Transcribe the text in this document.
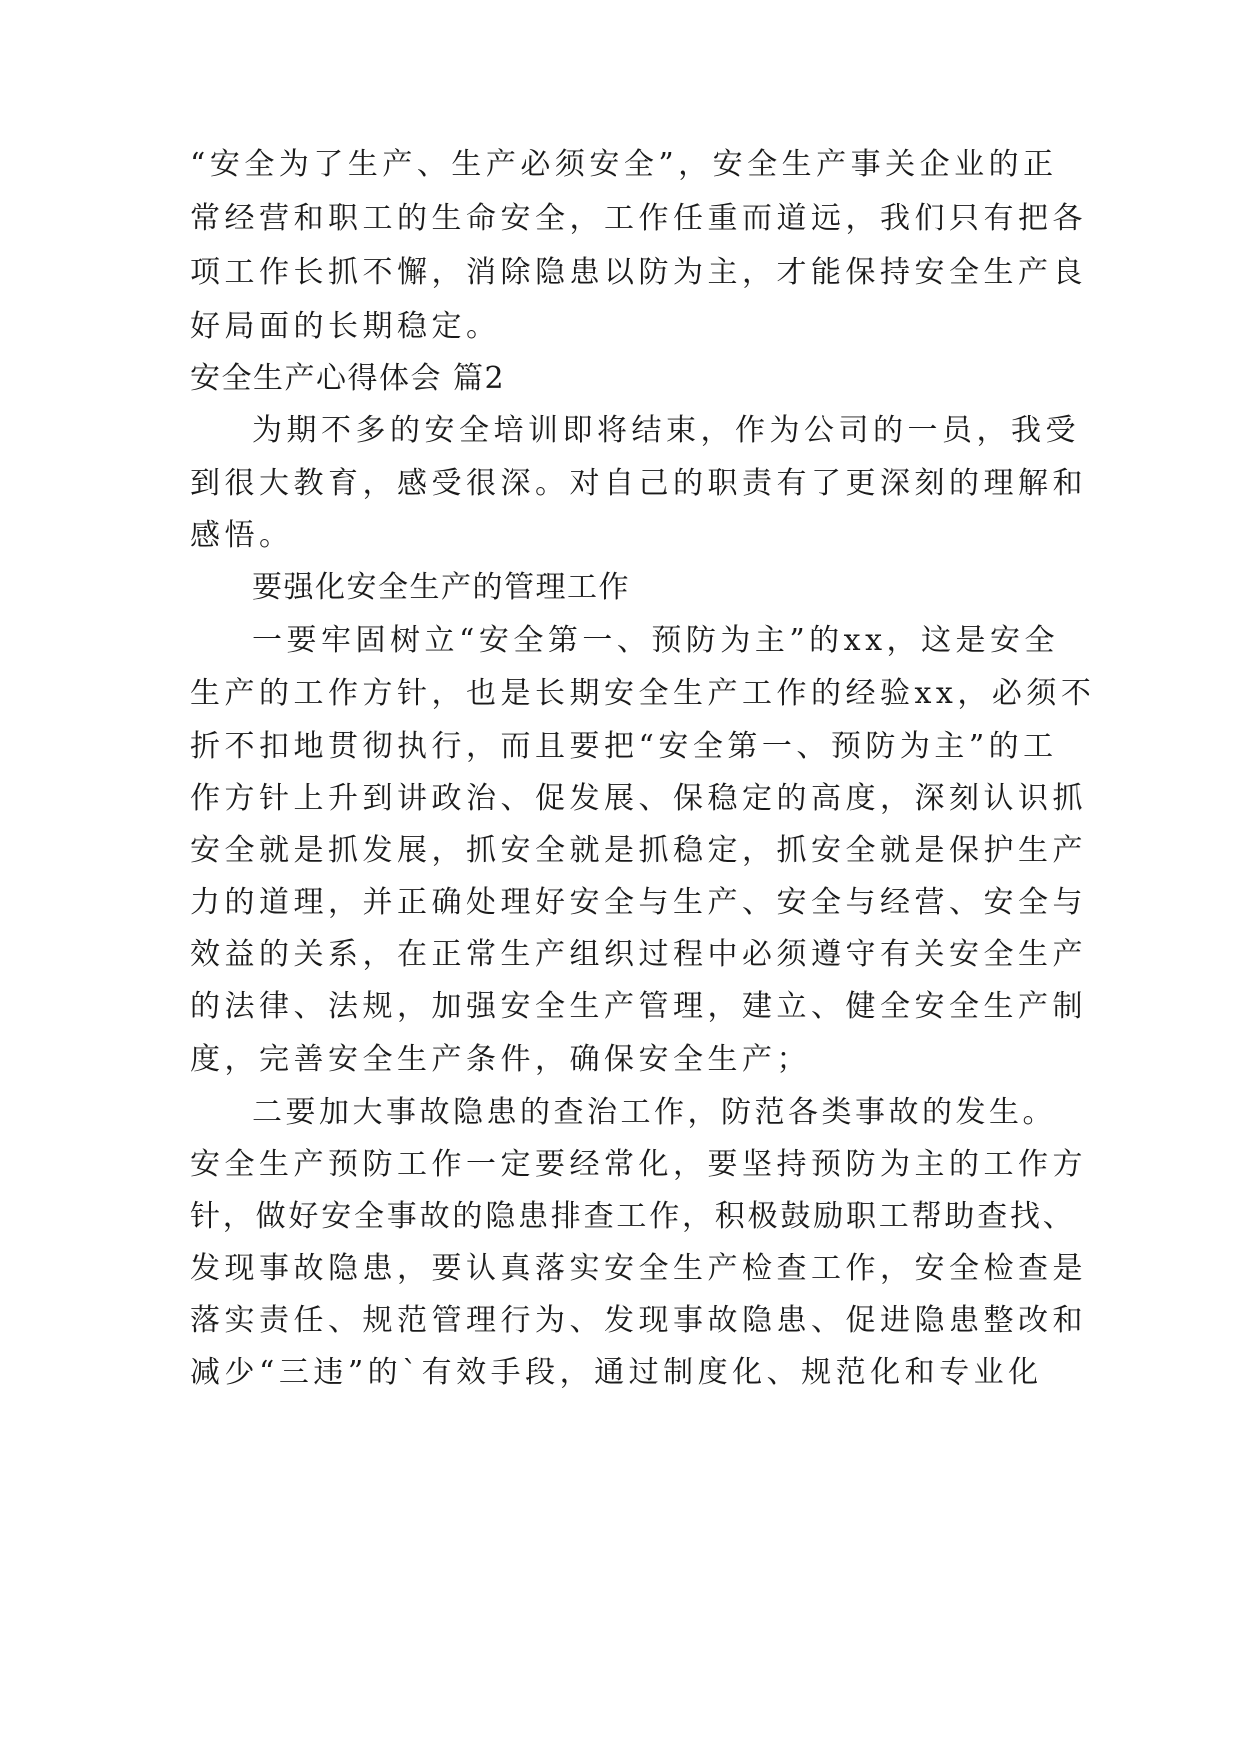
“安全为了生产、生产必须安全”，安全生产事关企业的正

常经营和职工的生命安全，工作任重而道远，我们只有把各

项工作长抓不懈，消除隐患以防为主，才能保持安全生产良

好局面的长期稳定。

安全生产心得体会 篇2

为期不多的安全培训即将结束，作为公司的一员，我受

到很大教育，感受很深。对自己的职责有了更深刻的理解和

感悟。

要强化安全生产的管理工作

一要牢固树立“安全第一、预防为主”的xx，这是安全

生产的工作方针，也是长期安全生产工作的经验xx，必须不

折不扣地贯彻执行，而且要把“安全第一、预防为主”的工

作方针上升到讲政治、促发展、保稳定的高度，深刻认识抓

安全就是抓发展，抓安全就是抓稳定，抓安全就是保护生产

力的道理，并正确处理好安全与生产、安全与经营、安全与

效益的关系，在正常生产组织过程中必须遵守有关安全生产

的法律、法规，加强安全生产管理，建立、健全安全生产制

度，完善安全生产条件，确保安全生产；

二要加大事故隐患的查治工作，防范各类事故的发生。

安全生产预防工作一定要经常化，要坚持预防为主的工作方

针，做好安全事故的隐患排查工作，积极鼓励职工帮助查找、

发现事故隐患，要认真落实安全生产检查工作，安全检查是

落实责任、规范管理行为、发现事故隐患、促进隐患整改和

减少“三违”的`有效手段，通过制度化、规范化和专业化
